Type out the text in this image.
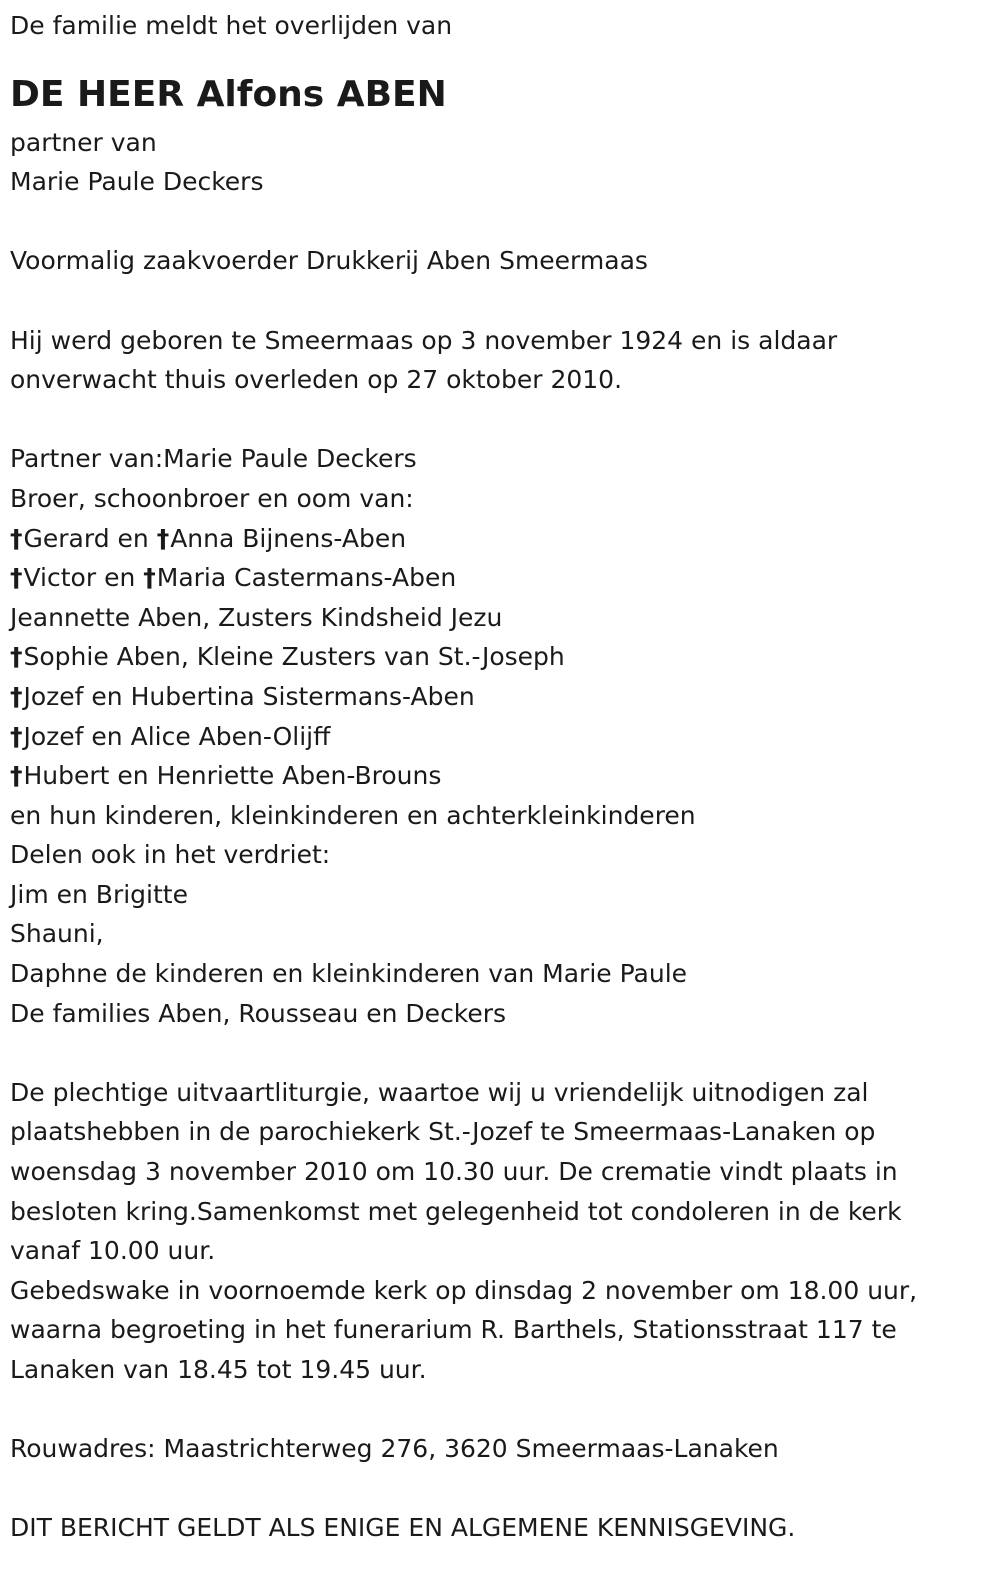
De familie meldt het overlijden van

DE HEER Alfons ABEN

partner van

Marie Paule Deckers

Voormalig zaakvoerder Drukkerij Aben Smeermaas

Hij werd geboren te Smeermaas op 3 november 1924 en is aldaar

onverwacht thuis overleden op 27 oktober 2010.

Partner van:Marie Paule Deckers

Broer, schoonbroer en oom van:

†Gerard en †Anna Bijnens-Aben

†Victor en †Maria Castermans-Aben

Jeannette Aben, Zusters Kindsheid Jezu

†Sophie Aben, Kleine Zusters van St.-Joseph

†Jozef en Hubertina Sistermans-Aben

†Jozef en Alice Aben-Olijff

†Hubert en Henriette Aben-Brouns

en hun kinderen, kleinkinderen en achterkleinkinderen

Delen ook in het verdriet:

Jim en Brigitte

Shauni,

Daphne de kinderen en kleinkinderen van Marie Paule

De families Aben, Rousseau en Deckers

De plechtige uitvaartliturgie, waartoe wij u vriendelijk uitnodigen zal

plaatshebben in de parochiekerk St.-Jozef te Smeermaas-Lanaken op

woensdag 3 november 2010 om 10.30 uur. De crematie vindt plaats in

besloten kring.Samenkomst met gelegenheid tot condoleren in de kerk

vanaf 10.00 uur.

Gebedswake in voornoemde kerk op dinsdag 2 november om 18.00 uur,

waarna begroeting in het funerarium R. Barthels, Stationsstraat 117 te

Lanaken van 18.45 tot 19.45 uur.

Rouwadres: Maastrichterweg 276, 3620 Smeermaas-Lanaken

DIT BERICHT GELDT ALS ENIGE EN ALGEMENE KENNISGEVING.
